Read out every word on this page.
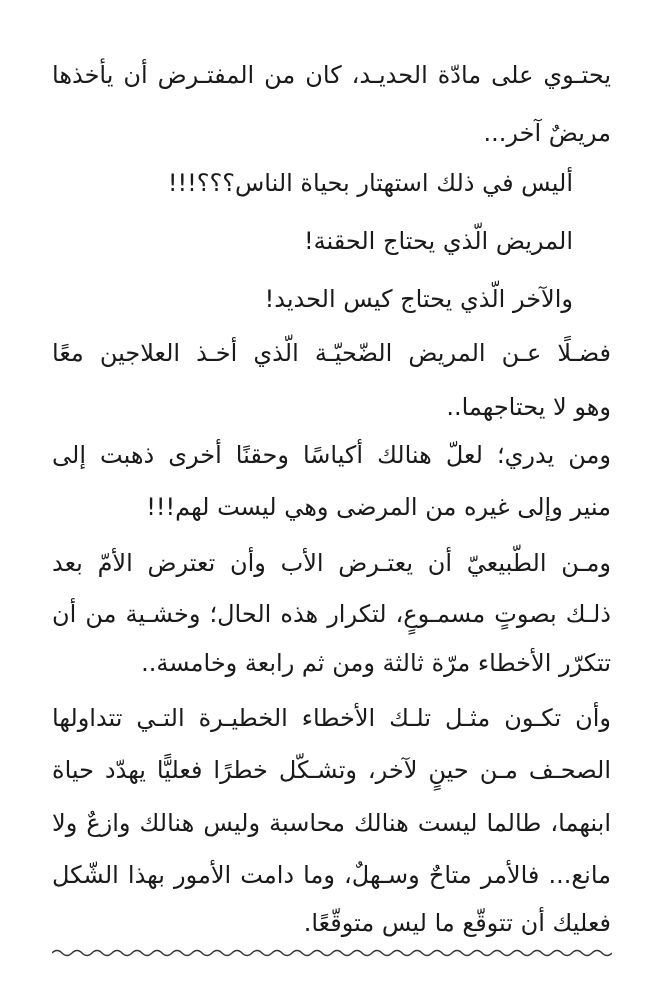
يحتـوي على مادّة الحديـد، كان من المفتـرض أن يأخذها

مريضٌ آخر...

أليس في ذلك استهتار بحياة الناس؟؟؟!!!

المريض الّذي يحتاج الحقنة!

والآخر الّذي يحتاج كيس الحديد!

فضـلًا عـن المريض الضّحيّـة الّذي أخـذ العلاجين معًا

وهو لا يحتاجهما..

ومن يدري؛ لعلّ هنالك أكياسًا وحقنًا أخرى ذهبت إلى

منير وإلى غيره من المرضى وهي ليست لهم!!!

ومـن الطّبيعيّ أن يعتـرض الأب وأن تعترض الأمّ بعد

ذلـك بصوتٍ مسمـوعٍ، لتكرار هذه الحال؛ وخشـية من أن

تتكرّر الأخطاء مرّة ثالثة ومن ثم رابعة وخامسة..

وأن تكـون مثـل تلـك الأخطاء الخطيـرة التـي تتداولها

الصحـف مـن حينٍ لآخر، وتشـكّل خطرًا فعليًّا يهدّد حياة

ابنهما، طالما ليست هنالك محاسبة وليس هنالك وازعٌ ولا

مانع... فالأمر متاحٌ وسـهلٌ، وما دامت الأمور بهذا الشّكل

فعليك أن تتوقّع ما ليس متوقّعًا.
